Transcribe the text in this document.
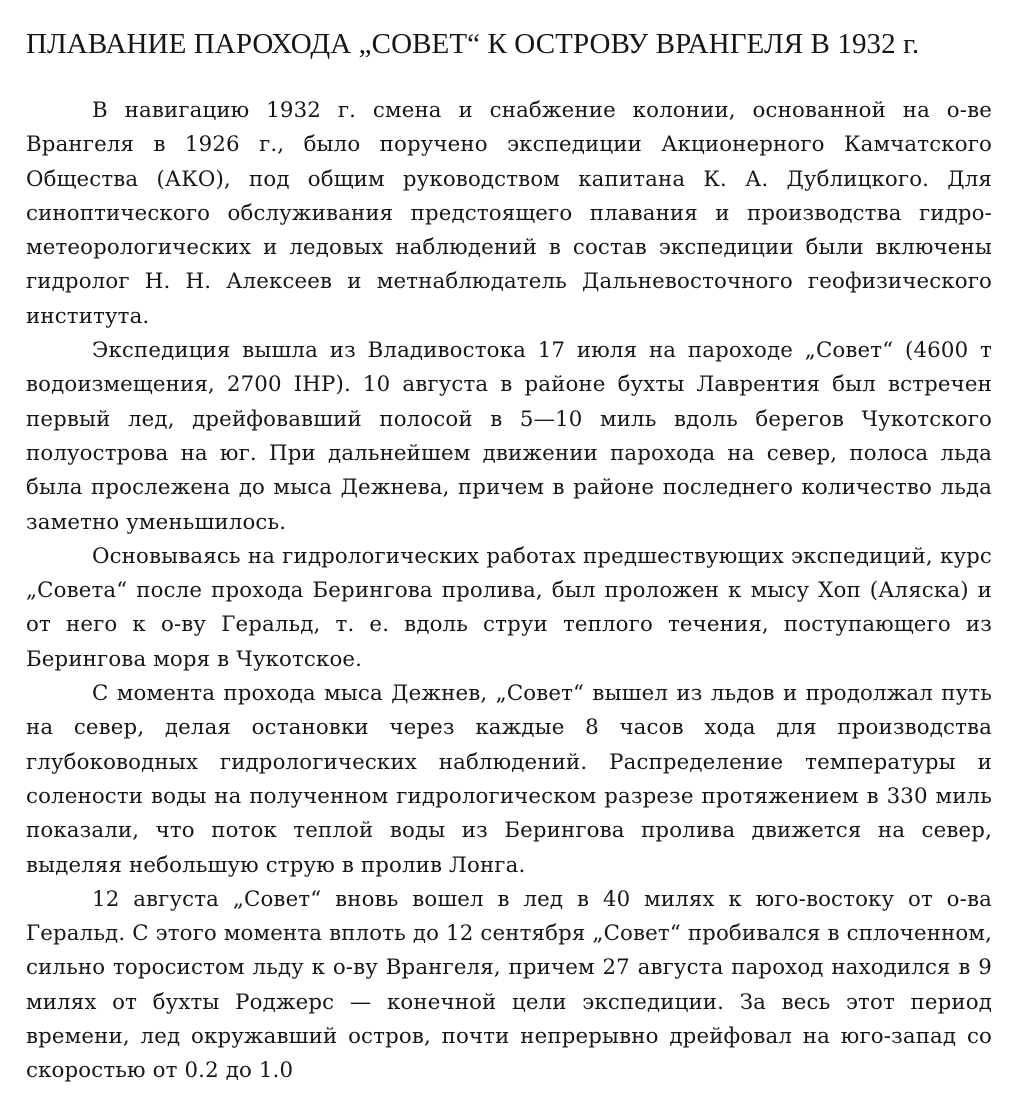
ПЛАВАНИЕ ПАРОХОДА „СОВЕТ“ К ОСТРОВУ ВРАНГЕЛЯ В 1932 г.

В навигацию 1932 г. смена и снабжение колонии, основанной на о-ве Врангеля в 1926 г., было поручено экспедиции Акционерного Камчатского Общества (АКО), под общим руководством капитана К. А. Дублицкого. Для синоптического обслуживания предстоящего плавания и производства гидро-метеорологических и ледовых наблюдений в состав экспедиции были включены гидролог Н. Н. Алексеев и метнаблюдатель Дальневосточного геофизического института.

Экспедиция вышла из Владивостока 17 июля на пароходе „Совет“ (4600 т водоизмещения, 2700 IHP). 10 августа в районе бухты Лаврентия был встречен первый лед, дрейфовавший полосой в 5—10 миль вдоль берегов Чукотского полуострова на юг. При дальнейшем движении парохода на север, полоса льда была прослежена до мыса Дежнева, причем в районе последнего количество льда заметно уменьшилось.

Основываясь на гидрологических работах предшествующих экспедиций, курс „Совета“ после прохода Берингова пролива, был проложен к мысу Хоп (Аляска) и от него к о-ву Геральд, т. е. вдоль струи теплого течения, поступающего из Берингова моря в Чукотское.

С момента прохода мыса Дежнев, „Совет“ вышел из льдов и продолжал путь на север, делая остановки через каждые 8 часов хода для производства глубоководных гидрологических наблюдений. Распределение температуры и солености воды на полученном гидрологическом разрезе протяжением в 330 миль показали, что поток теплой воды из Берингова пролива движется на север, выделяя небольшую струю в пролив Лонга.

12 августа „Совет“ вновь вошел в лед в 40 милях к юго-востоку от о-ва Геральд. С этого момента вплоть до 12 сентября „Совет“ пробивался в сплоченном, сильно торосистом льду к о-ву Врангеля, причем 27 августа пароход находился в 9 милях от бухты Роджерс — конечной цели экспедиции. За весь этот период времени, лед окружавший остров, почти непрерывно дрейфовал на юго-запад со скоростью от 0.2 до 1.0
